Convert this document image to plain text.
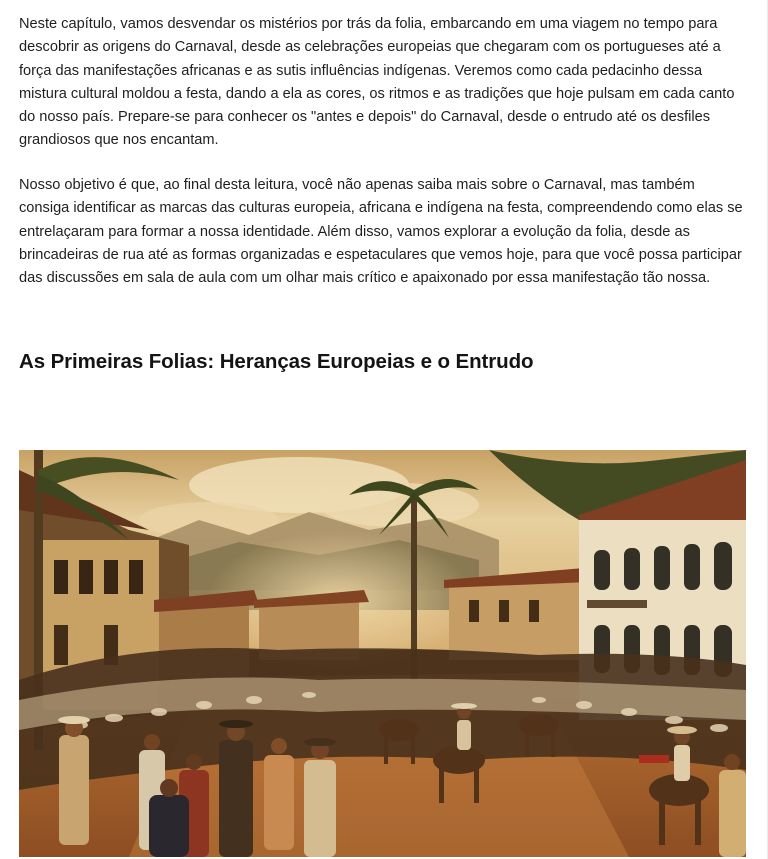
Neste capítulo, vamos desvendar os mistérios por trás da folia, embarcando em uma viagem no tempo para descobrir as origens do Carnaval, desde as celebrações europeias que chegaram com os portugueses até a força das manifestações africanas e as sutis influências indígenas. Veremos como cada pedacinho dessa mistura cultural moldou a festa, dando a ela as cores, os ritmos e as tradições que hoje pulsam em cada canto do nosso país. Prepare-se para conhecer os "antes e depois" do Carnaval, desde o entrudo até os desfiles grandiosos que nos encantam.

Nosso objetivo é que, ao final desta leitura, você não apenas saiba mais sobre o Carnaval, mas também consiga identificar as marcas das culturas europeia, africana e indígena na festa, compreendendo como elas se entrelaçaram para formar a nossa identidade. Além disso, vamos explorar a evolução da folia, desde as brincadeiras de rua até as formas organizadas e espetaculares que vemos hoje, para que você possa participar das discussões em sala de aula com um olhar mais crítico e apaixonado por essa manifestação tão nossa.

As Primeiras Folias: Heranças Europeias e o Entrudo
